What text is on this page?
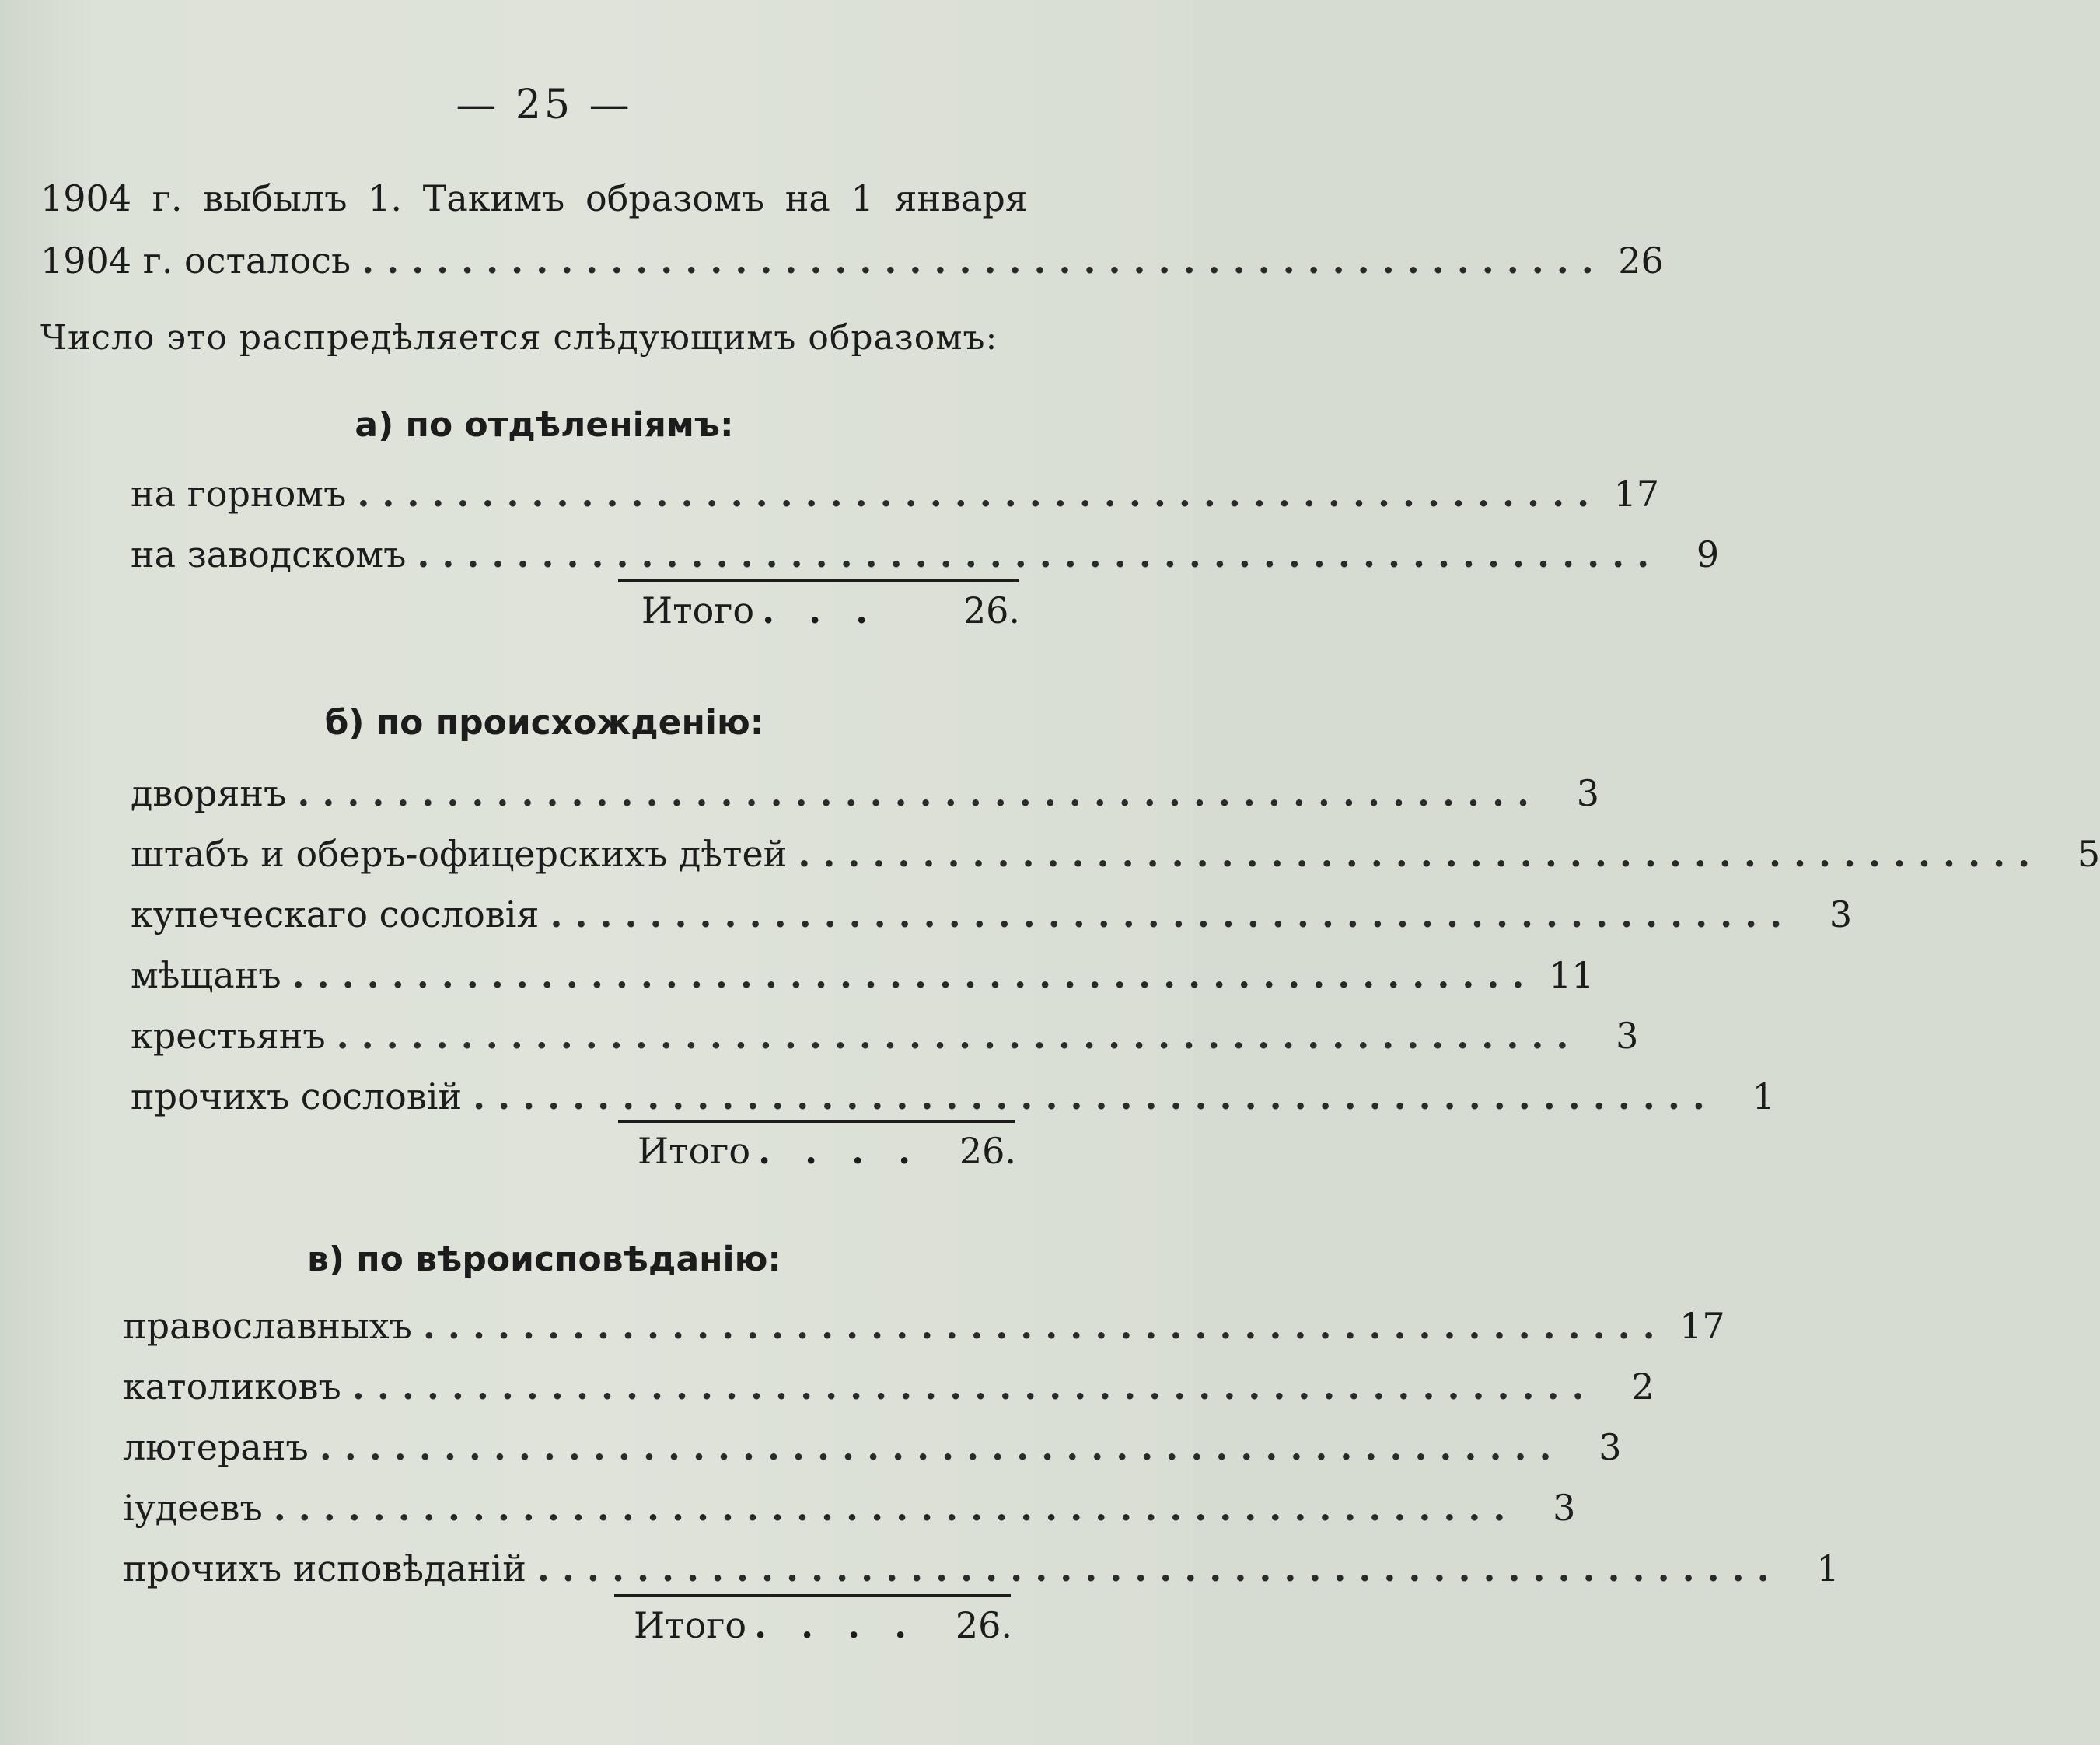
— 25 —
1904 г. выбылъ 1. Такимъ образомъ на 1 января
1904 г. осталось .................................................. 26
Число это распредѣляется слѣдующимъ образомъ:
а) по отдѣленіямъ:
на горномъ .................................................. 17
на заводскомъ .................................................. 9
Итого . . .	26.
б) по происхожденію:
дворянъ .................................................. 3
штабъ и оберъ-офицерскихъ дѣтей .................................................. 5
купеческаго сословія .................................................. 3
мѣщанъ .................................................. 11
крестьянъ .................................................. 3
прочихъ сословій .................................................. 1
Итого . . . .	26.
в) по вѣроисповѣданію:
православныхъ .................................................. 17
католиковъ .................................................. 2
лютеранъ .................................................. 3
іудеевъ .................................................. 3
прочихъ исповѣданій .................................................. 1
Итого . . . .	26.
